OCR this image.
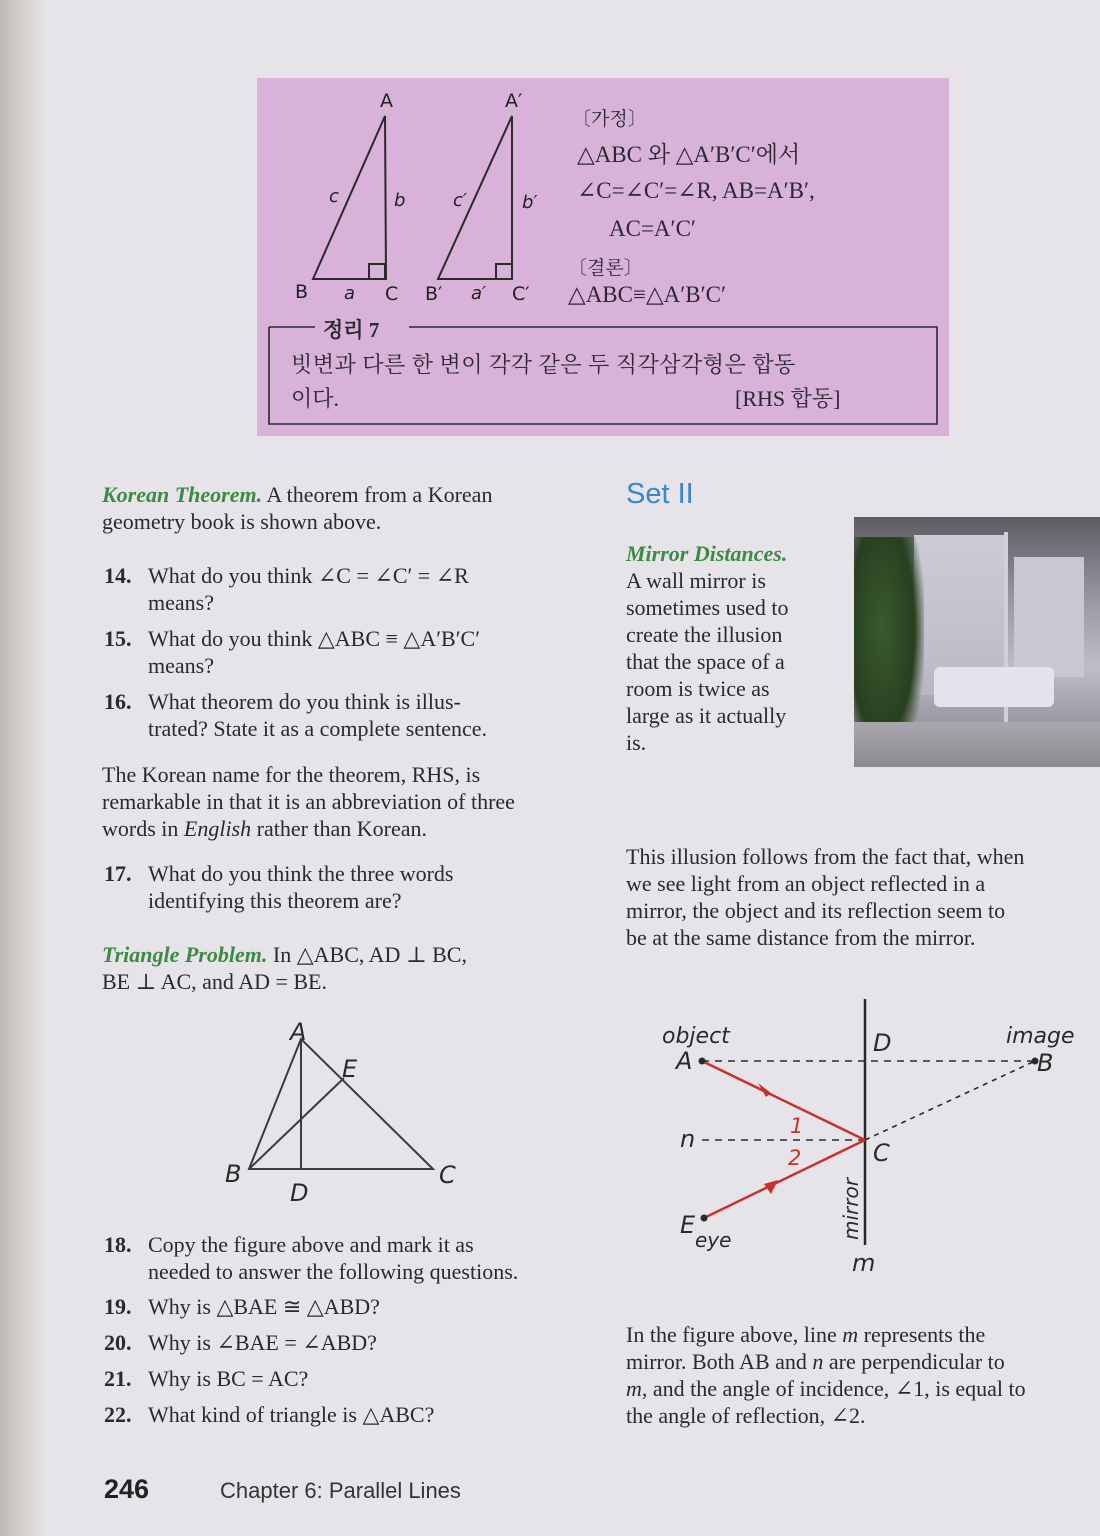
A
B	C
c	b
a
A′
B′	C′
c′	b′
a′
〔가정〕
△ABC 와 △A′B′C′에서
∠C=∠C′=∠R, AB=A′B′,
AC=A′C′
〔결론〕
△ABC≡△A′B′C′
정리 7
빗변과 다른 한 변이 각각 같은 두 직각삼각형은 합동
이다.	[RHS 합동]
Korean Theorem. A theorem from a Korean
geometry book is shown above.
14. What do you think ∠C = ∠C′ = ∠R
means?
15. What do you think △ABC ≡ △A′B′C′
means?
16. What theorem do you think is illus-
trated? State it as a complete sentence.
The Korean name for the theorem, RHS, is
remarkable in that it is an abbreviation of three
words in English rather than Korean.
17. What do you think the three words
identifying this theorem are?
Triangle Problem. In △ABC, AD ⊥ BC,
BE ⊥ AC, and AD = BE.
A
E
B
D
C
18. Copy the figure above and mark it as
needed to answer the following questions.
19. Why is △BAE ≅ △ABD?
20. Why is ∠BAE = ∠ABD?
21. Why is BC = AC?
22. What kind of triangle is △ABC?
Set II
Mirror Distances.
A wall mirror is
sometimes used to
create the illusion
that the space of a
room is twice as
large as it actually
is.
This illusion follows from the fact that, when
we see light from an object reflected in a
mirror, the object and its reflection seem to
be at the same distance from the mirror.
object
A
D	image
B
n	1
2	C
E
eye	mirror
m
In the figure above, line m represents the
mirror. Both AB and n are perpendicular to
m, and the angle of incidence, ∠1, is equal to
the angle of reflection, ∠2.
246	Chapter 6: Parallel Lines
